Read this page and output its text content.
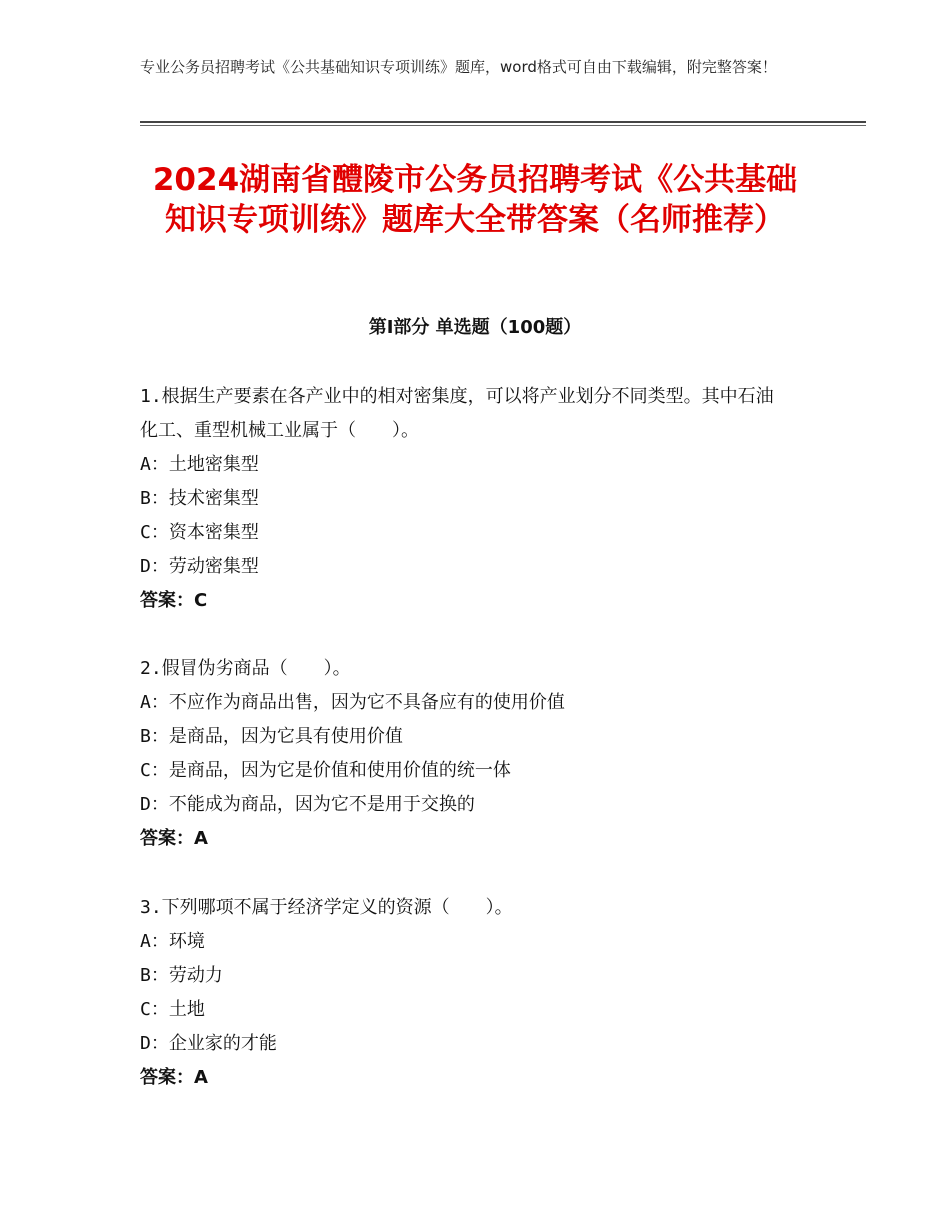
专业公务员招聘考试《公共基础知识专项训练》题库，word格式可自由下载编辑，附完整答案！
2024湖南省醴陵市公务员招聘考试《公共基础知识专项训练》题库大全带答案（名师推荐）
第Ⅰ部分 单选题（100题）
1.根据生产要素在各产业中的相对密集度，可以将产业划分不同类型。其中石油化工、重型机械工业属于（　　）。
A：土地密集型
B：技术密集型
C：资本密集型
D：劳动密集型
答案：C
2.假冒伪劣商品（　　）。
A：不应作为商品出售，因为它不具备应有的使用价值
B：是商品，因为它具有使用价值
C：是商品，因为它是价值和使用价值的统一体
D：不能成为商品，因为它不是用于交换的
答案：A
3.下列哪项不属于经济学定义的资源（　　）。
A：环境
B：劳动力
C：土地
D：企业家的才能
答案：A
